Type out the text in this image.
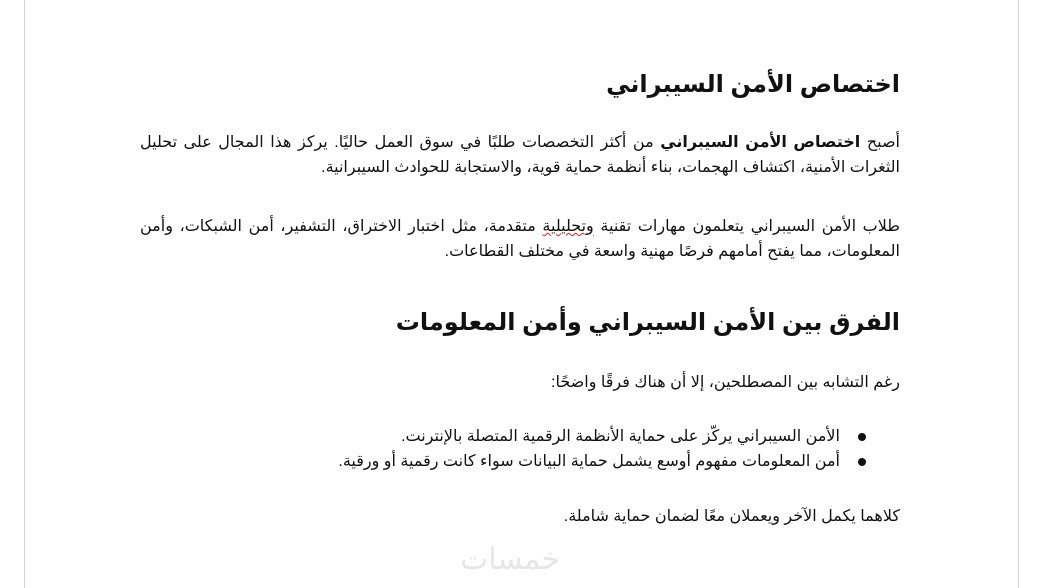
اختصاص الأمن السيبراني
أصبح اختصاص الأمن السيبراني من أكثر التخصصات طلبًا في سوق العمل حاليًا. يركز هذا المجال على تحليل الثغرات الأمنية، اكتشاف الهجمات، بناء أنظمة حماية قوية، والاستجابة للحوادث السيبرانية.
طلاب الأمن السيبراني يتعلمون مهارات تقنية وتحليلية متقدمة، مثل اختبار الاختراق، التشفير، أمن الشبكات، وأمن المعلومات، مما يفتح أمامهم فرصًا مهنية واسعة في مختلف القطاعات.
الفرق بين الأمن السيبراني وأمن المعلومات
رغم التشابه بين المصطلحين، إلا أن هناك فرقًا واضحًا:
الأمن السيبراني يركّز على حماية الأنظمة الرقمية المتصلة بالإنترنت.
أمن المعلومات مفهوم أوسع يشمل حماية البيانات سواء كانت رقمية أو ورقية.
كلاهما يكمل الآخر ويعملان معًا لضمان حماية شاملة.
خمسات
